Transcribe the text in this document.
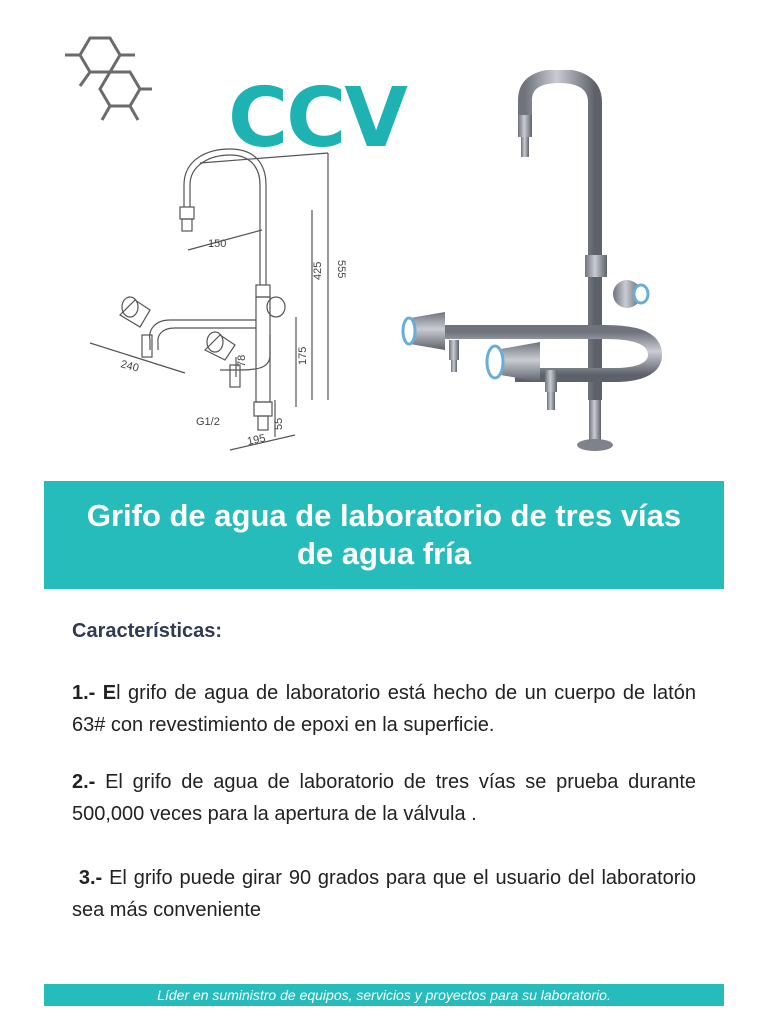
CCV
150
555
425
175
240	78
55
G1/2
195
Grifo de agua de laboratorio de tres vías de agua fría
Características:
1.- El grifo de agua de laboratorio está hecho de un cuerpo de latón 63# con revestimiento de epoxi en la superficie.
2.- El grifo de agua de laboratorio de tres vías se prueba durante 500,000 veces para la apertura de la válvula .
3.- El grifo puede girar 90 grados para que el usuario del laboratorio sea más conveniente
Líder en suministro de equipos, servicios y proyectos para su laboratorio.
